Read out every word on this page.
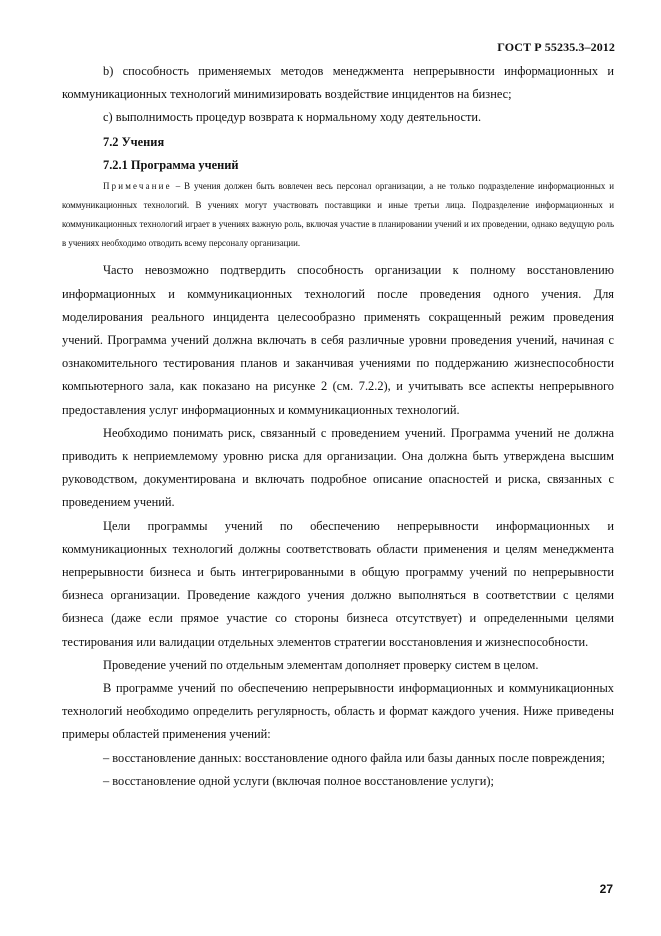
ГОСТ Р 55235.3–2012

b) способность применяемых методов менеджмента непрерывности информационных и коммуникационных технологий минимизировать воздействие инцидентов на бизнес;

c) выполнимость процедур возврата к нормальному ходу деятельности.

7.2 Учения

7.2.1 Программа учений

Примечание – В учения должен быть вовлечен весь персонал организации, а не только подразделение информационных и коммуникационных технологий. В учениях могут участвовать поставщики и иные третьи лица. Подразделение информационных и коммуникационных технологий играет в учениях важную роль, включая участие в планировании учений и их проведении, однако ведущую роль в учениях необходимо отводить всему персоналу организации.

Часто невозможно подтвердить способность организации к полному восстановлению информационных и коммуникационных технологий после проведения одного учения. Для моделирования реального инцидента целесообразно применять сокращенный режим проведения учений. Программа учений должна включать в себя различные уровни проведения учений, начиная с ознакомительного тестирования планов и заканчивая учениями по поддержанию жизнеспособности компьютерного зала, как показано на рисунке 2 (см. 7.2.2), и учитывать все аспекты непрерывного предоставления услуг информационных и коммуникационных технологий.

Необходимо понимать риск, связанный с проведением учений. Программа учений не должна приводить к неприемлемому уровню риска для организации. Она должна быть утверждена высшим руководством, документирована и включать подробное описание опасностей и риска, связанных с проведением учений.

Цели программы учений по обеспечению непрерывности информационных и коммуникационных технологий должны соответствовать области применения и целям менеджмента непрерывности бизнеса и быть интегрированными в общую программу учений по непрерывности бизнеса организации. Проведение каждого учения должно выполняться в соответствии с целями бизнеса (даже если прямое участие со стороны бизнеса отсутствует) и определенными целями тестирования или валидации отдельных элементов стратегии восстановления и жизнеспособности.

Проведение учений по отдельным элементам дополняет проверку систем в целом.

В программе учений по обеспечению непрерывности информационных и коммуникационных технологий необходимо определить регулярность, область и формат каждого учения. Ниже приведены примеры областей применения учений:

– восстановление данных: восстановление одного файла или базы данных после повреждения;

– восстановление одной услуги (включая полное восстановление услуги);

27
